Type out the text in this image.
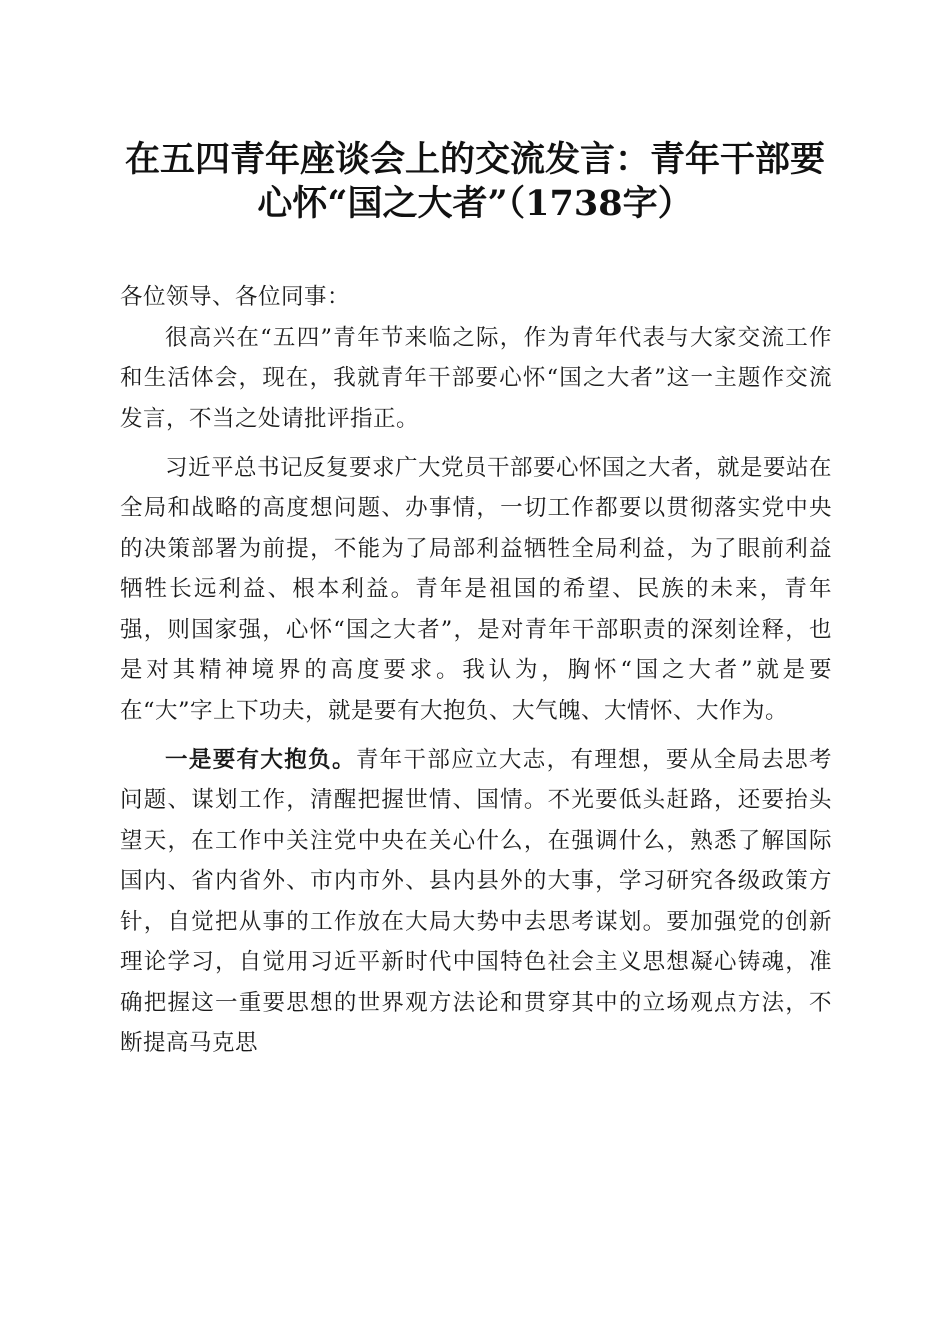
在五四青年座谈会上的交流发言：青年干部要
心怀“国之大者”（1738字）

各位领导、各位同事：

很高兴在“五四”青年节来临之际，作为青年代表与大家交流工作和生活体会，现在，我就青年干部要心怀“国之大者”这一主题作交流发言，不当之处请批评指正。

习近平总书记反复要求广大党员干部要心怀国之大者，就是要站在全局和战略的高度想问题、办事情，一切工作都要以贯彻落实党中央的决策部署为前提，不能为了局部利益牺牲全局利益，为了眼前利益牺牲长远利益、根本利益。青年是祖国的希望、民族的未来，青年强，则国家强，心怀“国之大者”，是对青年干部职责的深刻诠释，也是对其精神境界的高度要求。我认为，胸怀“国之大者”就是要在“大”字上下功夫，就是要有大抱负、大气魄、大情怀、大作为。

一是要有大抱负。青年干部应立大志，有理想，要从全局去思考问题、谋划工作，清醒把握世情、国情。不光要低头赶路，还要抬头望天，在工作中关注党中央在关心什么，在强调什么，熟悉了解国际国内、省内省外、市内市外、县内县外的大事，学习研究各级政策方针，自觉把从事的工作放在大局大势中去思考谋划。要加强党的创新理论学习，自觉用习近平新时代中国特色社会主义思想凝心铸魂，准确把握这一重要思想的世界观方法论和贯穿其中的立场观点方法，不断提高马克思
